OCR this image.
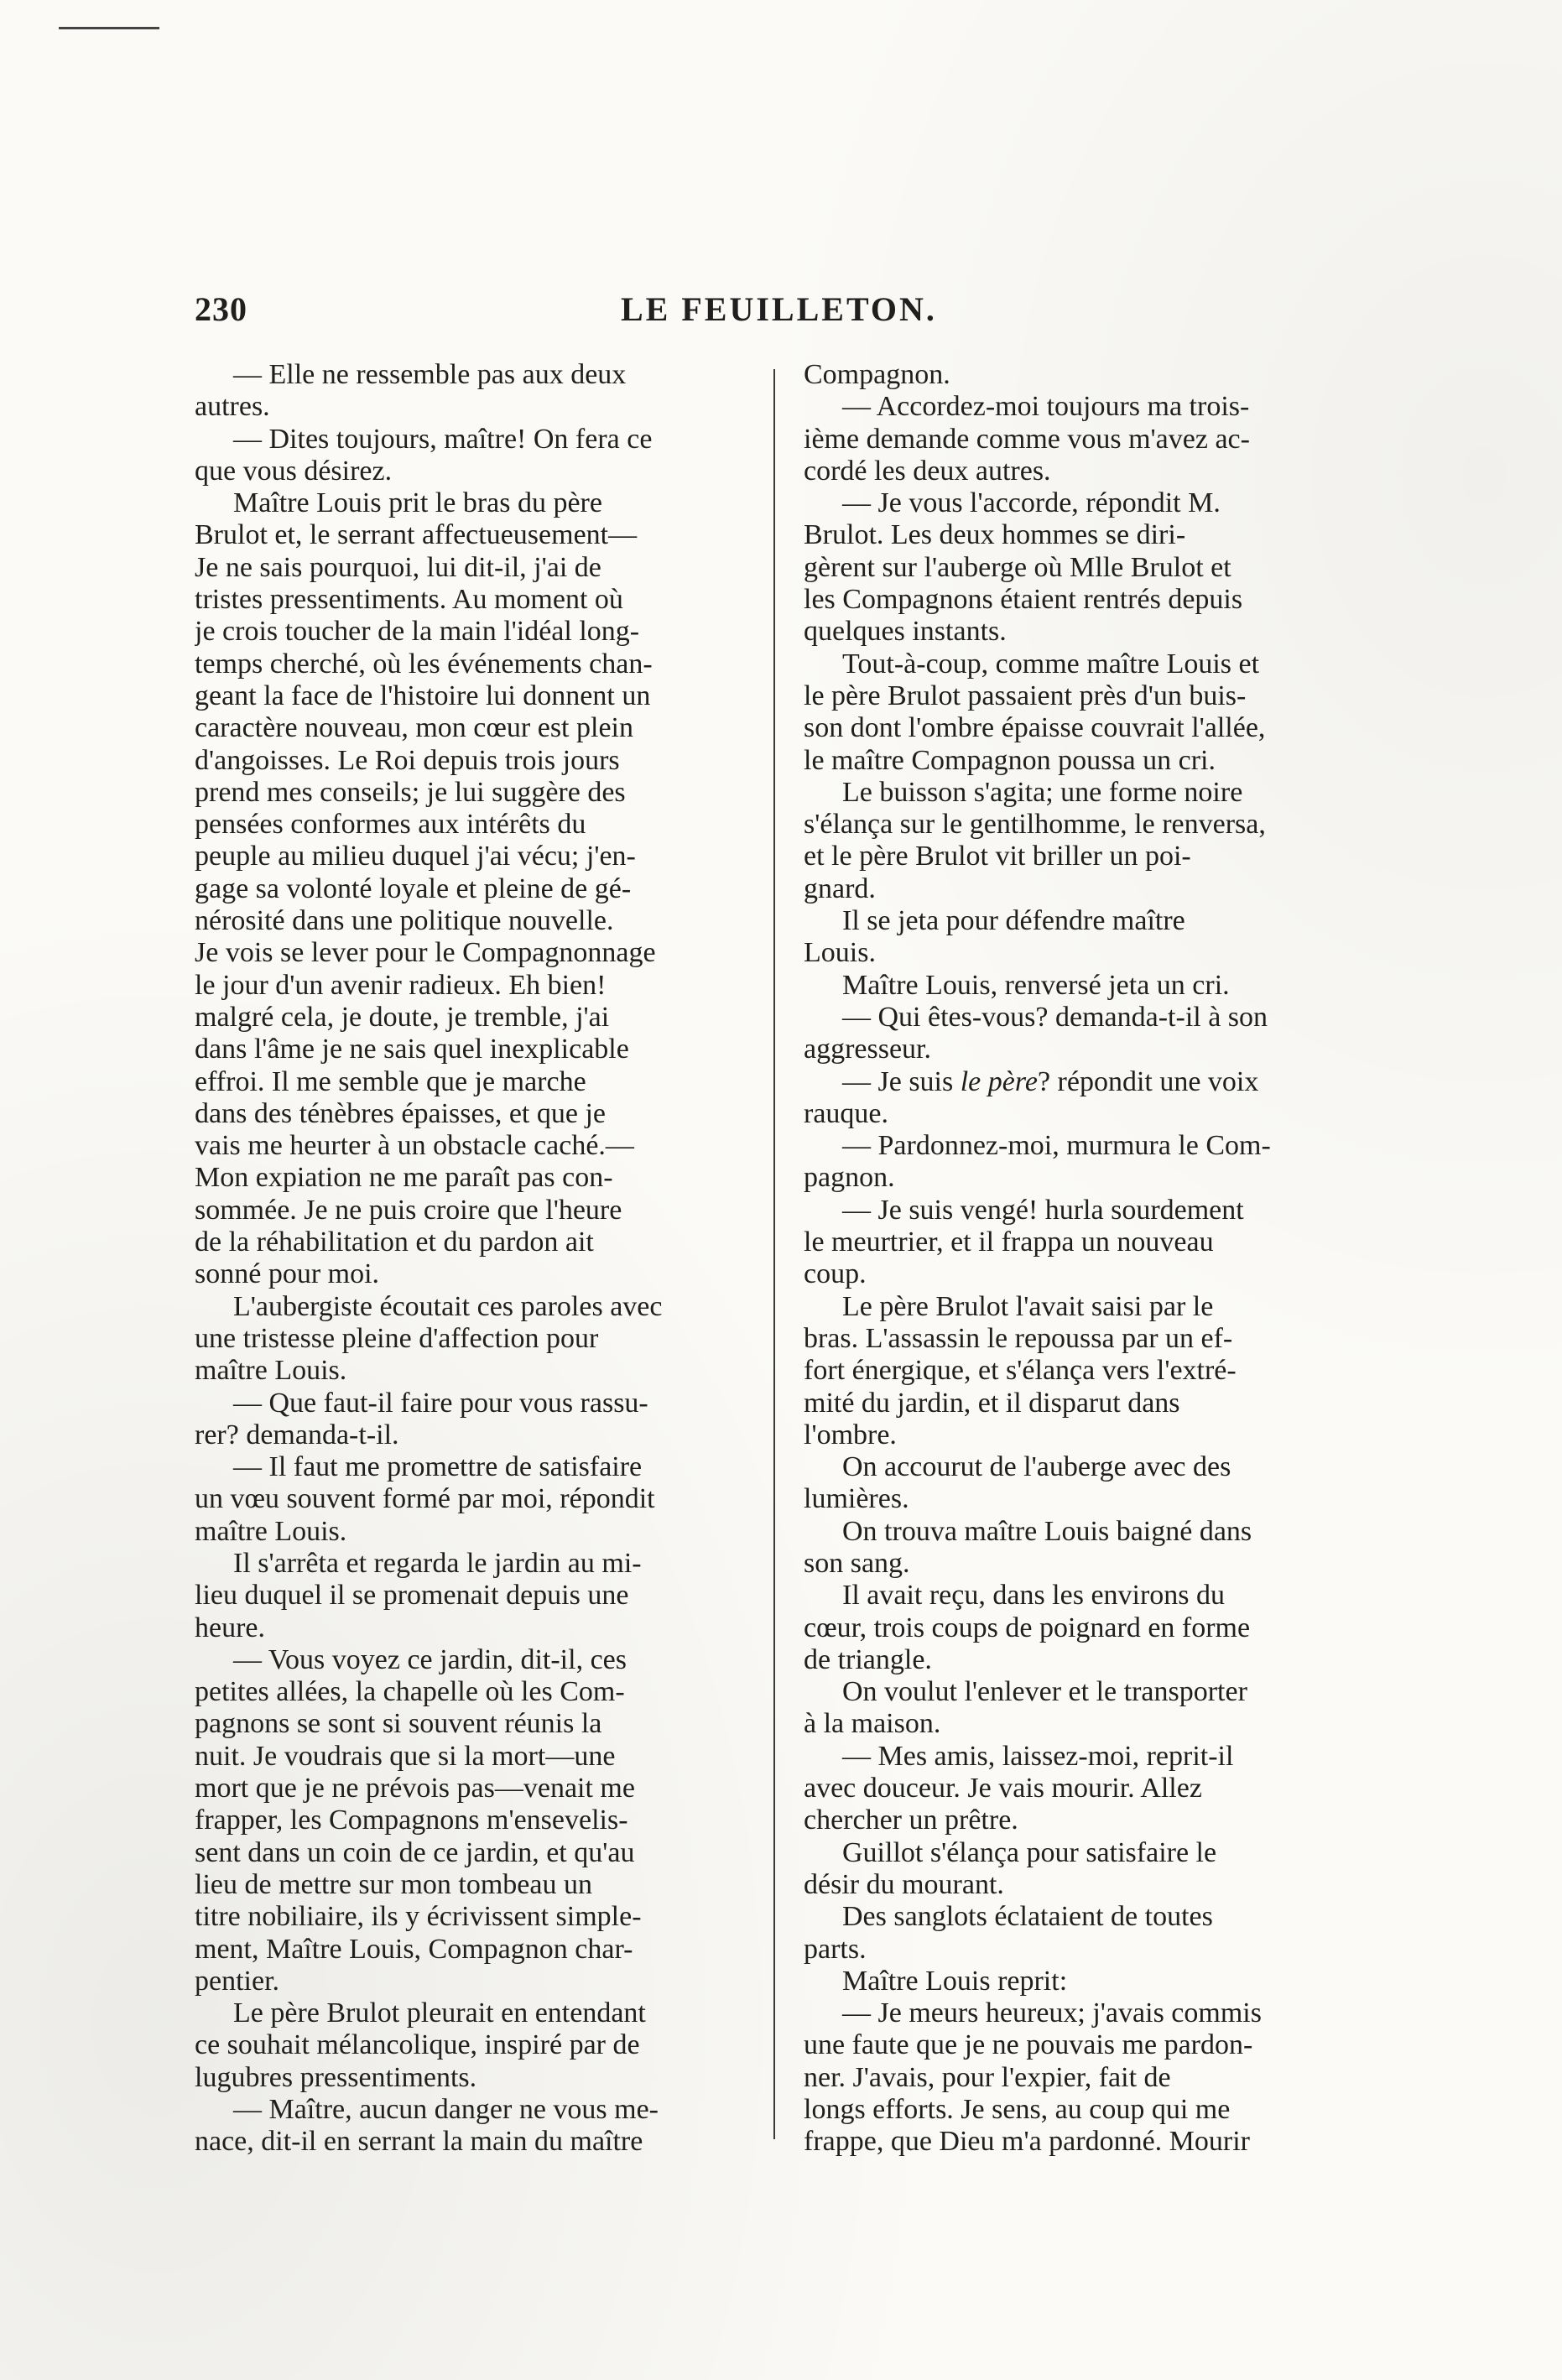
230	LE FEUILLETON.
— Elle ne ressemble pas aux deux
autres.
— Dites toujours, maître! On fera ce
que vous désirez.
Maître Louis prit le bras du père
Brulot et, le serrant affectueusement—
Je ne sais pourquoi, lui dit-il, j'ai de
tristes pressentiments. Au moment où
je crois toucher de la main l'idéal long-
temps cherché, où les événements chan-
geant la face de l'histoire lui donnent un
caractère nouveau, mon cœur est plein
d'angoisses. Le Roi depuis trois jours
prend mes conseils; je lui suggère des
pensées conformes aux intérêts du
peuple au milieu duquel j'ai vécu; j'en-
gage sa volonté loyale et pleine de gé-
nérosité dans une politique nouvelle.
Je vois se lever pour le Compagnonnage
le jour d'un avenir radieux. Eh bien!
malgré cela, je doute, je tremble, j'ai
dans l'âme je ne sais quel inexplicable
effroi. Il me semble que je marche
dans des ténèbres épaisses, et que je
vais me heurter à un obstacle caché.—
Mon expiation ne me paraît pas con-
sommée. Je ne puis croire que l'heure
de la réhabilitation et du pardon ait
sonné pour moi.
L'aubergiste écoutait ces paroles avec
une tristesse pleine d'affection pour
maître Louis.
— Que faut-il faire pour vous rassu-
rer? demanda-t-il.
— Il faut me promettre de satisfaire
un vœu souvent formé par moi, répondit
maître Louis.
Il s'arrêta et regarda le jardin au mi-
lieu duquel il se promenait depuis une
heure.
— Vous voyez ce jardin, dit-il, ces
petites allées, la chapelle où les Com-
pagnons se sont si souvent réunis la
nuit. Je voudrais que si la mort—une
mort que je ne prévois pas—venait me
frapper, les Compagnons m'ensevelis-
sent dans un coin de ce jardin, et qu'au
lieu de mettre sur mon tombeau un
titre nobiliaire, ils y écrivissent simple-
ment, Maître Louis, Compagnon char-
pentier.
Le père Brulot pleurait en entendant
ce souhait mélancolique, inspiré par de
lugubres pressentiments.
— Maître, aucun danger ne vous me-
nace, dit-il en serrant la main du maître
Compagnon.
— Accordez-moi toujours ma trois-
ième demande comme vous m'avez ac-
cordé les deux autres.
— Je vous l'accorde, répondit M.
Brulot. Les deux hommes se diri-
gèrent sur l'auberge où Mlle Brulot et
les Compagnons étaient rentrés depuis
quelques instants.
Tout-à-coup, comme maître Louis et
le père Brulot passaient près d'un buis-
son dont l'ombre épaisse couvrait l'allée,
le maître Compagnon poussa un cri.
Le buisson s'agita; une forme noire
s'élança sur le gentilhomme, le renversa,
et le père Brulot vit briller un poi-
gnard.
Il se jeta pour défendre maître
Louis.
Maître Louis, renversé jeta un cri.
— Qui êtes-vous? demanda-t-il à son
aggresseur.
— Je suis le père? répondit une voix
rauque.
— Pardonnez-moi, murmura le Com-
pagnon.
— Je suis vengé! hurla sourdement
le meurtrier, et il frappa un nouveau
coup.
Le père Brulot l'avait saisi par le
bras. L'assassin le repoussa par un ef-
fort énergique, et s'élança vers l'extré-
mité du jardin, et il disparut dans
l'ombre.
On accourut de l'auberge avec des
lumières.
On trouva maître Louis baigné dans
son sang.
Il avait reçu, dans les environs du
cœur, trois coups de poignard en forme
de triangle.
On voulut l'enlever et le transporter
à la maison.
— Mes amis, laissez-moi, reprit-il
avec douceur. Je vais mourir. Allez
chercher un prêtre.
Guillot s'élança pour satisfaire le
désir du mourant.
Des sanglots éclataient de toutes
parts.
Maître Louis reprit:
— Je meurs heureux; j'avais commis
une faute que je ne pouvais me pardon-
ner. J'avais, pour l'expier, fait de
longs efforts. Je sens, au coup qui me
frappe, que Dieu m'a pardonné. Mourir
